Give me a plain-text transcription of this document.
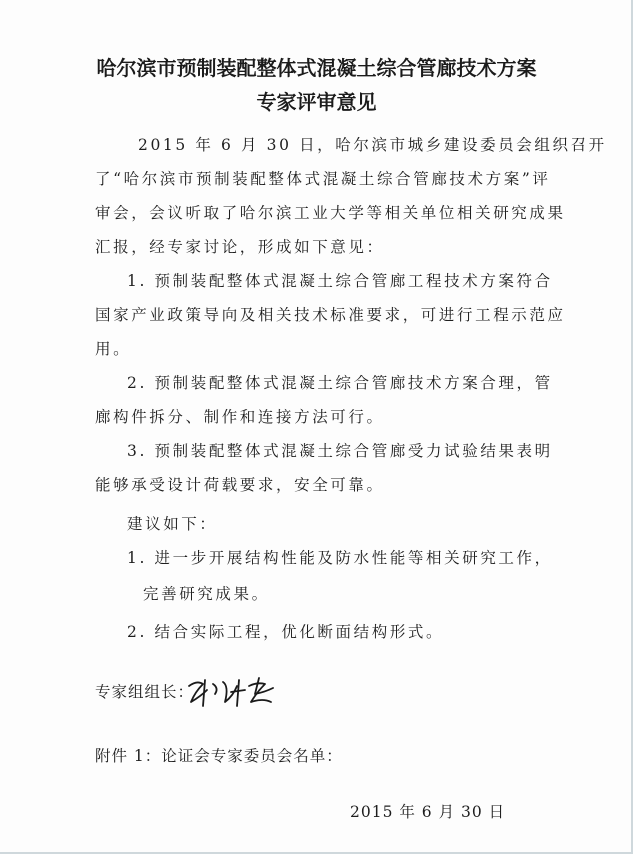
哈尔滨市预制装配整体式混凝土综合管廊技术方案
专家评审意见

2015 年 6 月 30 日，哈尔滨市城乡建设委员会组织召开

了“哈尔滨市预制装配整体式混凝土综合管廊技术方案”评

审会，会议听取了哈尔滨工业大学等相关单位相关研究成果

汇报，经专家讨论，形成如下意见：

1. 预制装配整体式混凝土综合管廊工程技术方案符合

国家产业政策导向及相关技术标准要求，可进行工程示范应

用。

2. 预制装配整体式混凝土综合管廊技术方案合理，管

廊构件拆分、制作和连接方法可行。

3. 预制装配整体式混凝土综合管廊受力试验结果表明

能够承受设计荷载要求，安全可靠。

建议如下：

1. 进一步开展结构性能及防水性能等相关研究工作，

完善研究成果。

2. 结合实际工程，优化断面结构形式。

专家组组长：

附件 1：论证会专家委员会名单：

2015 年 6 月 30 日
